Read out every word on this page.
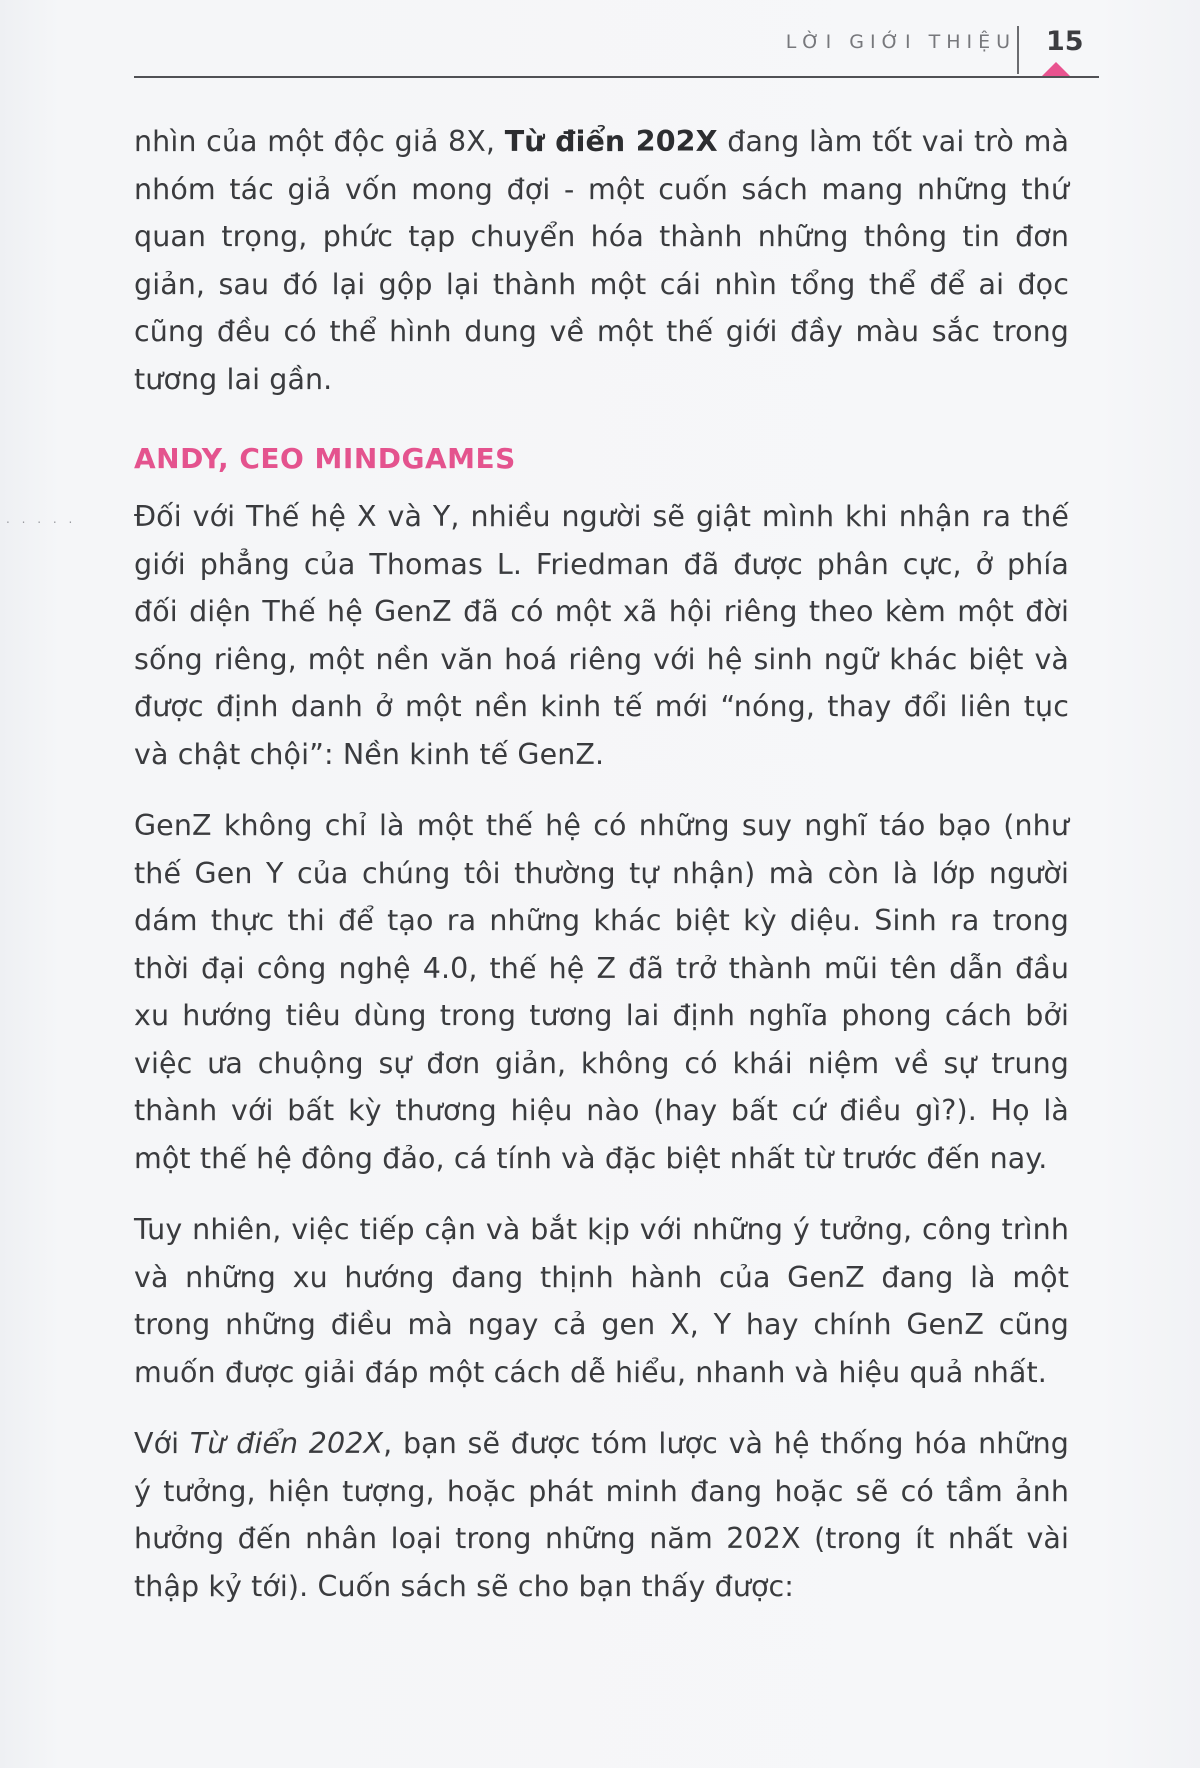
LỜI GIỚI THIỆU 15
. . . . .

nhìn của một độc giả 8X, Từ điển 202X đang làm tốt vai trò mà nhóm tác giả vốn mong đợi - một cuốn sách mang những thứ quan trọng, phức tạp chuyển hóa thành những thông tin đơn giản, sau đó lại gộp lại thành một cái nhìn tổng thể để ai đọc cũng đều có thể hình dung về một thế giới đầy màu sắc trong tương lai gần.

ANDY, CEO MINDGAMES

Đối với Thế hệ X và Y, nhiều người sẽ giật mình khi nhận ra thế giới phẳng của Thomas L. Friedman đã được phân cực, ở phía đối diện Thế hệ GenZ đã có một xã hội riêng theo kèm một đời sống riêng, một nền văn hoá riêng với hệ sinh ngữ khác biệt và được định danh ở một nền kinh tế mới “nóng, thay đổi liên tục và chật chội”: Nền kinh tế GenZ.

GenZ không chỉ là một thế hệ có những suy nghĩ táo bạo (như thế Gen Y của chúng tôi thường tự nhận) mà còn là lớp người dám thực thi để tạo ra những khác biệt kỳ diệu. Sinh ra trong thời đại công nghệ 4.0, thế hệ Z đã trở thành mũi tên dẫn đầu xu hướng tiêu dùng trong tương lai định nghĩa phong cách bởi việc ưa chuộng sự đơn giản, không có khái niệm về sự trung thành với bất kỳ thương hiệu nào (hay bất cứ điều gì?). Họ là một thế hệ đông đảo, cá tính và đặc biệt nhất từ trước đến nay.

Tuy nhiên, việc tiếp cận và bắt kịp với những ý tưởng, công trình và những xu hướng đang thịnh hành của GenZ đang là một trong những điều mà ngay cả gen X, Y hay chính GenZ cũng muốn được giải đáp một cách dễ hiểu, nhanh và hiệu quả nhất.

Với Từ điển 202X, bạn sẽ được tóm lược và hệ thống hóa những ý tưởng, hiện tượng, hoặc phát minh đang hoặc sẽ có tầm ảnh hưởng đến nhân loại trong những năm 202X (trong ít nhất vài thập kỷ tới). Cuốn sách sẽ cho bạn thấy được:
